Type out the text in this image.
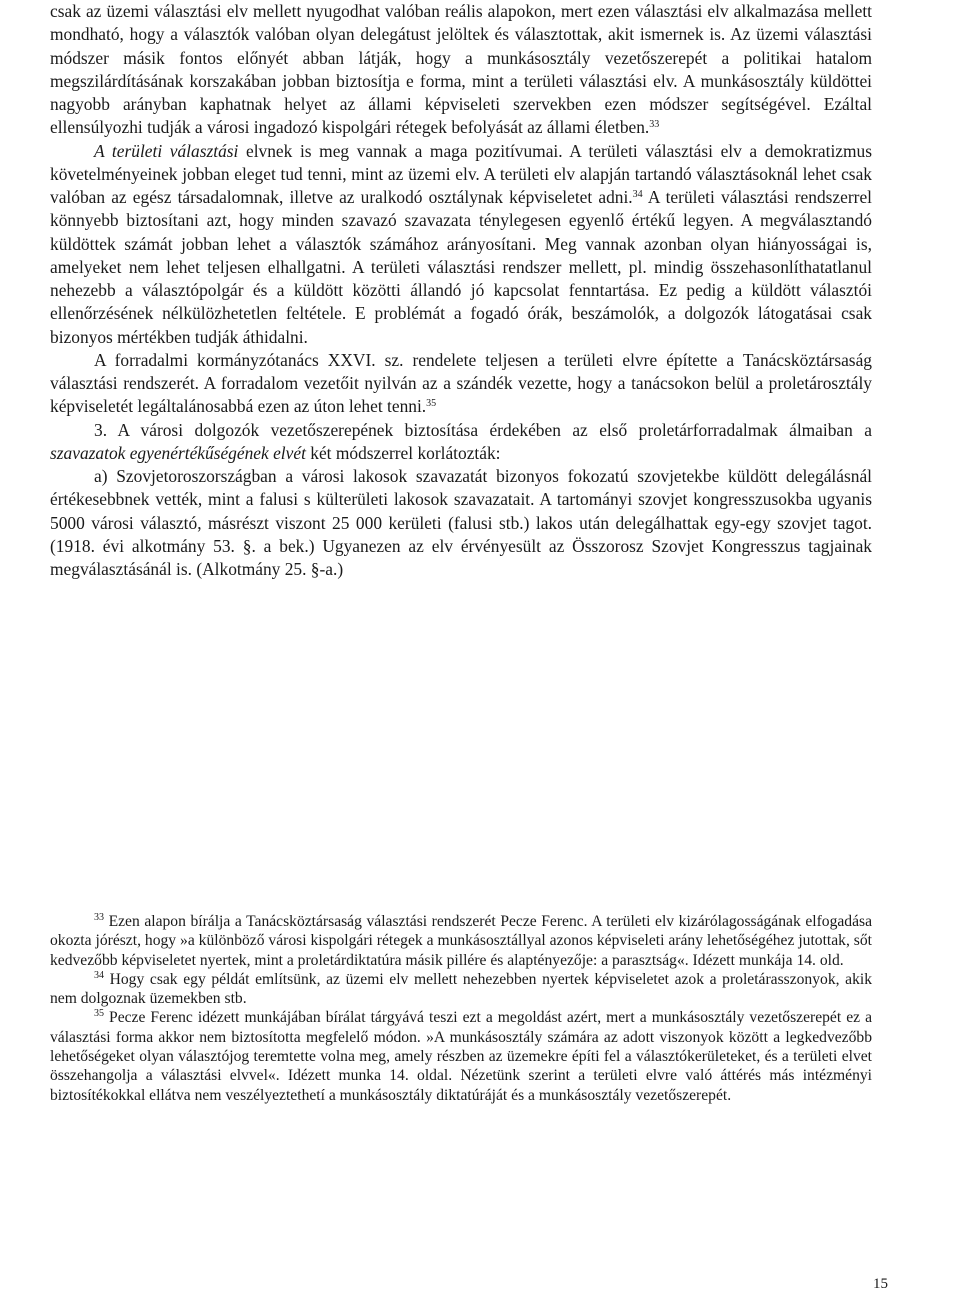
csak az üzemi választási elv mellett nyugodhat valóban reális alapokon, mert ezen választási elv alkalmazása mellett mondható, hogy a választók valóban olyan delegátust jelöltek és választottak, akit ismernek is. Az üzemi választási módszer másik fontos előnyét abban látják, hogy a munkásosztály vezetőszerepét a politikai hatalom megszilárdításának korszakában jobban biztosítja e forma, mint a területi választási elv. A munkásosztály küldöttei nagyobb arányban kaphatnak helyet az állami képviseleti szervekben ezen módszer segítségével. Ezáltal ellensúlyozhi tudják a városi ingadozó kispolgári rétegek befolyását az állami életben.$^{33}$

A területi választási elvnek is meg vannak a maga pozitívumai. A területi választási elv a demokratizmus követelményeinek jobban eleget tud tenni, mint az üzemi elv. A területi elv alapján tartandó választásoknál lehet csak valóban az egész társadalomnak, illetve az uralkodó osztálynak képviseletet adni.$^{34}$ A területi választási rendszerrel könnyebb biztosítani azt, hogy minden szavazó szavazata ténylegesen egyenlő értékű legyen. A megválasztandó küldöttek számát jobban lehet a választók számához arányosítani. Meg vannak azonban olyan hiányosságai is, amelyeket nem lehet teljesen elhallgatni. A területi választási rendszer mellett, pl. mindig összehasonlíthatatlanul nehezebb a választópolgár és a küldött közötti állandó jó kapcsolat fenntartása. Ez pedig a küldött választói ellenőrzésének nélkülözhetetlen feltétele. E problémát a fogadó órák, beszámolók, a dolgozók látogatásai csak bizonyos mértékben tudják áthidalni.

A forradalmi kormányzótanács XXVI. sz. rendelete teljesen a területi elvre építette a Tanácsköztársaság választási rendszerét. A forradalom vezetőit nyilván az a szándék vezette, hogy a tanácsokon belül a proletárosztály képviseletét legáltalánosabbá ezen az úton lehet tenni.$^{35}$

3. A városi dolgozók vezetőszerepének biztosítása érdekében az első proletárforradalmak álmaiban a szavazatok egyenértékűségének elvét két módszerrel korlátozták:

a) Szovjetoroszországban a városi lakosok szavazatát bizonyos fokozatú szovjetekbe küldött delegálásnál értékesebbnek vették, mint a falusi s külterületi lakosok szavazatait. A tartományi szovjet kongresszusokba ugyanis 5000 városi választó, másrészt viszont 25 000 kerületi (falusi stb.) lakos után delegálhattak egy-egy szovjet tagot. (1918. évi alkotmány 53. §. a bek.) Ugyanezen az elv érvényesült az Összorosz Szovjet Kongresszus tagjainak megválasztásánál is. (Alkotmány 25. §-a.)

$^{33}$ Ezen alapon bírálja a Tanácsköztársaság választási rendszerét Pecze Ferenc. A területi elv kizárólagosságának elfogadása okozta jórészt, hogy »a különböző városi kispolgári rétegek a munkásosztállyal azonos képviseleti arány lehetőségéhez jutottak, sőt kedvezőbb képviseletet nyertek, mint a proletárdiktatúra másik pillére és alaptényezője: a parasztság«. Idézett munkája 14. old.

$^{34}$ Hogy csak egy példát említsünk, az üzemi elv mellett nehezebben nyertek képviseletet azok a proletárasszonyok, akik nem dolgoznak üzemekben stb.

$^{35}$ Pecze Ferenc idézett munkájában bírálat tárgyává teszi ezt a megoldást azért, mert a munkásosztály vezetőszerepét ez a választási forma akkor nem biztosította megfelelő módon. »A munkásosztály számára az adott viszonyok között a legkedvezőbb lehetőségeket olyan választójog teremtette volna meg, amely részben az üzemekre építi fel a választókerületeket, és a területi elvet összehangolja a választási elvvel«. Idézett munka 14. oldal. Nézetünk szerint a területi elvre való áttérés más intézményi biztosítékokkal ellátva nem veszélyeztethetí a munkásosztály diktatúráját és a munkásosztály vezetőszerepét.

15
